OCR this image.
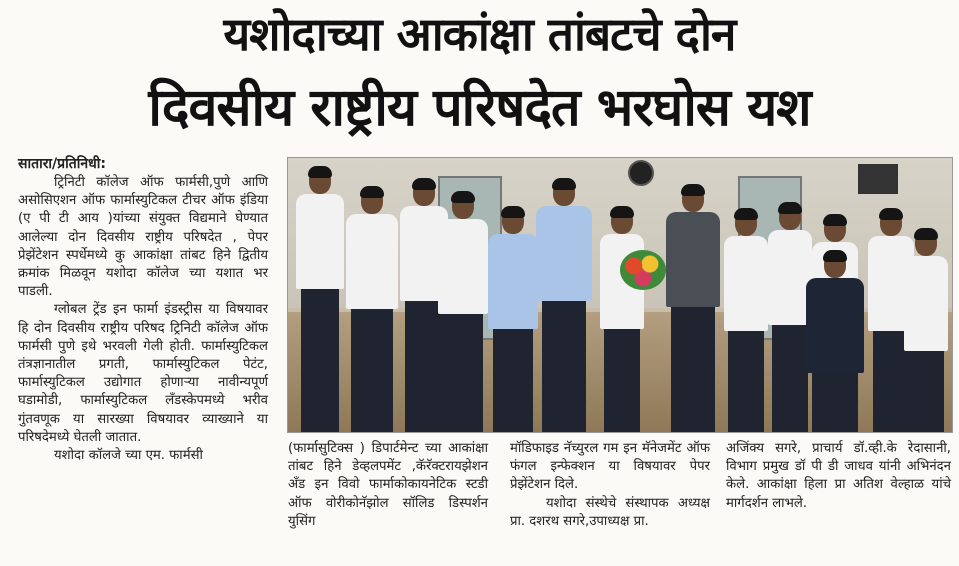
यशोदाच्या आकांक्षा तांबटचे दोन
दिवसीय राष्ट्रीय परिषदेत भरघोस यश

सातारा/प्रतिनिधी:

ट्रिनिटी कॉलेज ऑफ फार्मसी,पुणे आणि असोसिएशन ऑफ फार्मास्युटिकल टीचर ऑफ इंडिया (ए पी टी आय )यांच्या संयुक्त विद्यमाने घेण्यात आलेल्या दोन दिवसीय राष्ट्रीय परिषदेत , पेपर प्रेझेंटेशन स्पर्धेमध्ये कु आकांक्षा तांबट हिने द्वितीय क्रमांक मिळवून यशोदा कॉलेज च्या यशात भर पाडली.

ग्लोबल ट्रेंड इन फार्मा इंडस्ट्रीस या विषयावर हि दोन दिवसीय राष्ट्रीय परिषद ट्रिनिटी कॉलेज ऑफ फार्मसी पुणे इथे भरवली गेली होती. फार्मास्युटिकल तंत्रज्ञानातील प्रगती, फार्मास्युटिकल पेटंट, फार्मास्युटिकल उद्योगात होणाऱ्या नावीन्यपूर्ण घडामोडी, फार्मास्युटिकल लँडस्केपमध्ये भरीव गुंतवणूक या सारख्या विषयावर व्याख्याने या परिषदेमध्ये घेतली जातात.

यशोदा कॉलजे च्या एम. फार्मसी	(फार्मासुटिक्स ) डिपार्टमेन्ट च्या आकांक्षा तांबट हिने डेव्हलपमेंट ,कॅरॅक्टरायझेशन अँड इन विवो फार्माकोकायनेटिक स्टडी ऑफ वोरीकोनॅझोल सॉलिड डिस्पर्शन युसिंग

मॉडिफाइड नॅच्युरल गम इन मॅनेजमेंट ऑफ फंगल इन्फेक्शन या विषयावर पेपर प्रेझेंटेशन दिले.

यशोदा संस्थेचे संस्थापक अध्यक्ष प्रा. दशरथ सगरे,उपाध्यक्ष प्रा.

अजिंक्य सगरे, प्राचार्य डॉ.व्ही.के रेदासानी, विभाग प्रमुख डॉ पी डी जाधव यांनी अभिनंदन केले. आकांक्षा हिला प्रा अतिश वेल्हाळ यांचे मार्गदर्शन लाभले.
